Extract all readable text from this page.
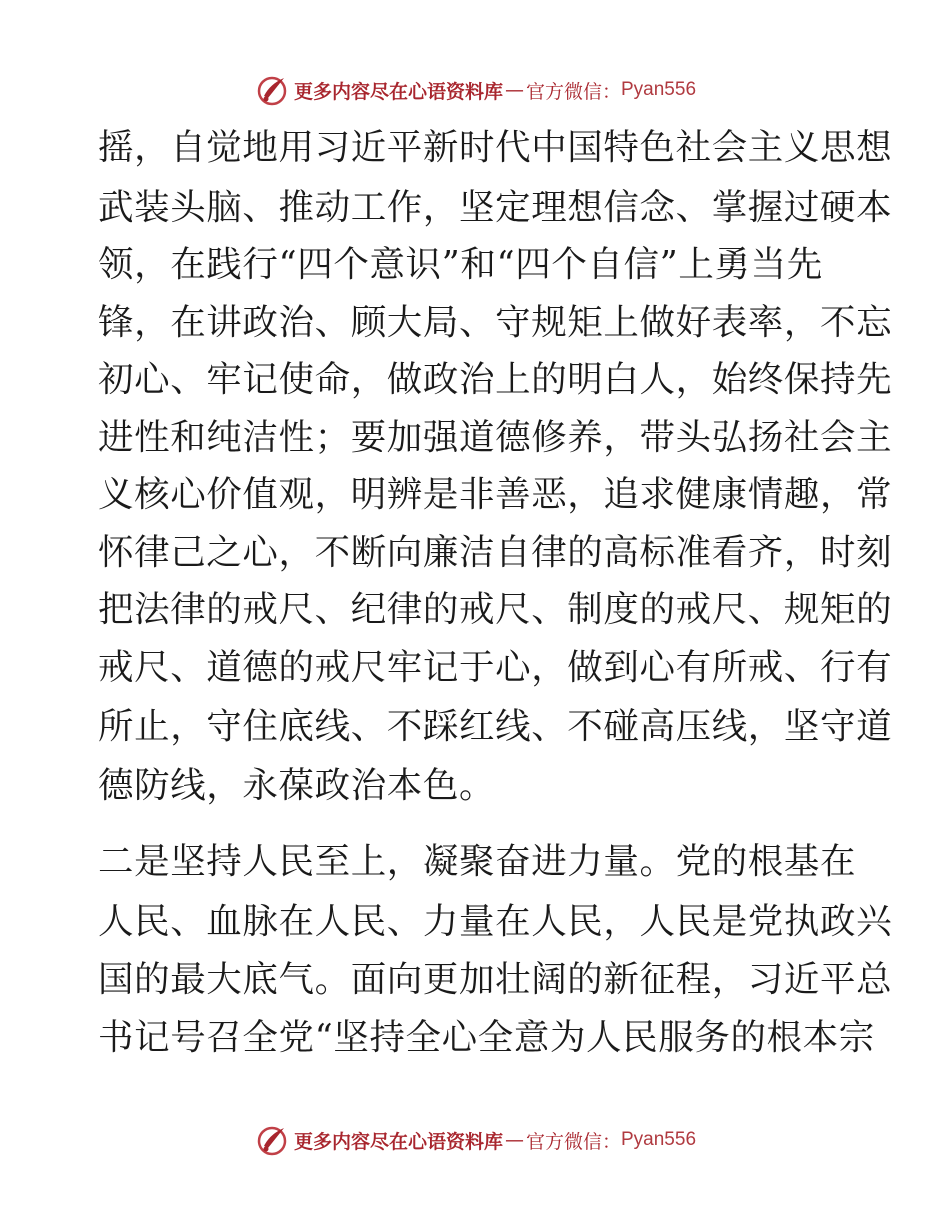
更多内容尽在心语资料库 — 官方微信： Pyan556
摇，自觉地用习近平新时代中国特色社会主义思想
武装头脑、推动工作，坚定理想信念、掌握过硬本
领，在践行“四个意识”和“四个自信”上勇当先
锋，在讲政治、顾大局、守规矩上做好表率，不忘
初心、牢记使命，做政治上的明白人，始终保持先
进性和纯洁性；要加强道德修养，带头弘扬社会主
义核心价值观，明辨是非善恶，追求健康情趣，常
怀律己之心，不断向廉洁自律的高标准看齐，时刻
把法律的戒尺、纪律的戒尺、制度的戒尺、规矩的
戒尺、道德的戒尺牢记于心，做到心有所戒、行有
所止，守住底线、不踩红线、不碰高压线，坚守道
德防线，永葆政治本色。
二是坚持人民至上，凝聚奋进力量。党的根基在
人民、血脉在人民、力量在人民，人民是党执政兴
国的最大底气。面向更加壮阔的新征程，习近平总
书记号召全党“坚持全心全意为人民服务的根本宗
更多内容尽在心语资料库 — 官方微信： Pyan556
